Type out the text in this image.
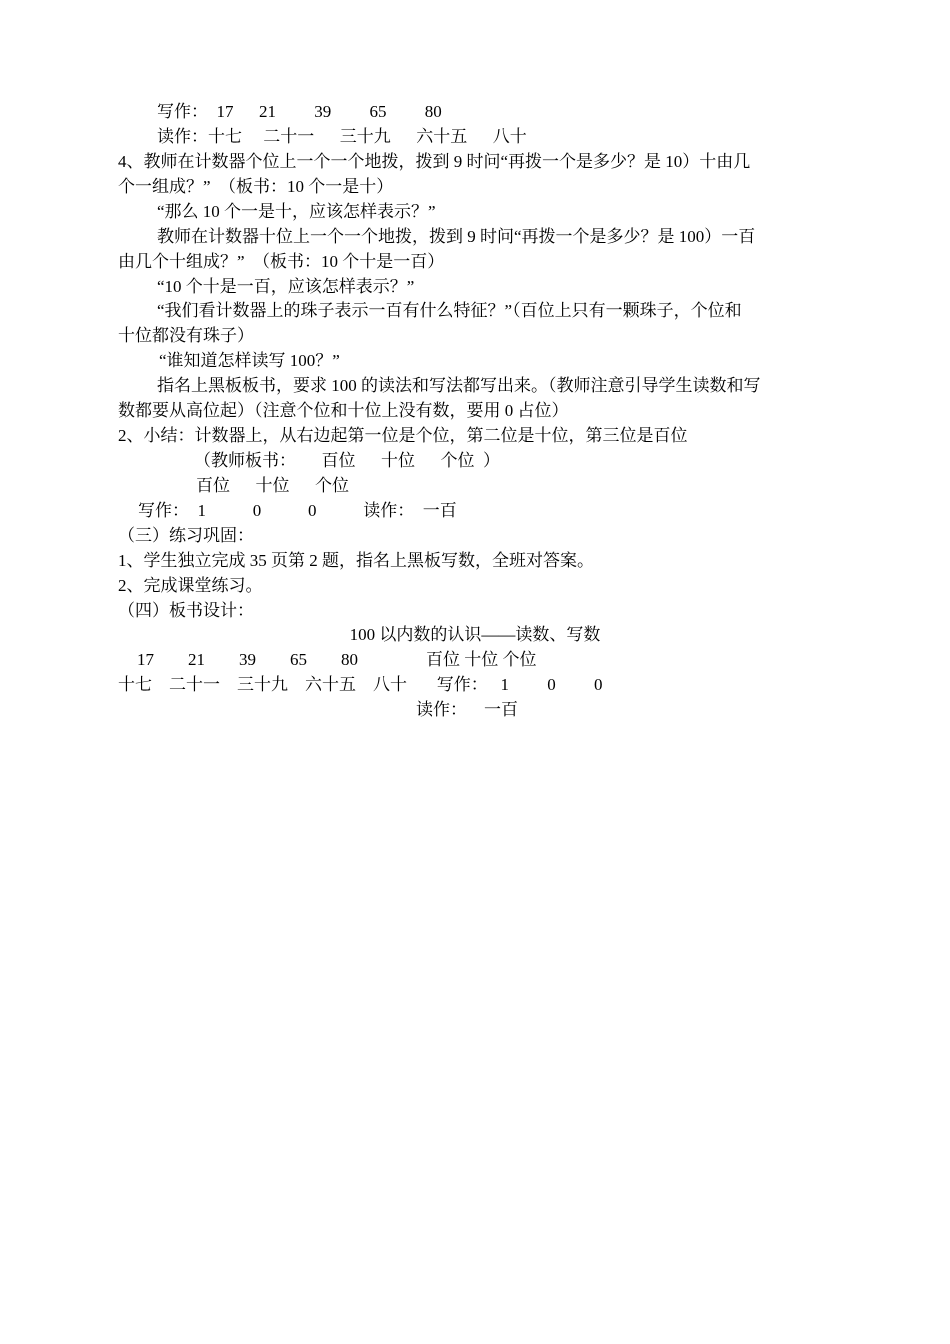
写作：  17      21         39         65         80
读作：十七     二十一      三十九      六十五      八十
4、教师在计数器个位上一个一个地拨，拨到 9 时问“再拨一个是多少？是 10）十由几
个一组成？”  （板书：10 个一是十）
“那么 10 个一是十，应该怎样表示？”
教师在计数器十位上一个一个地拨，拨到 9 时问“再拨一个是多少？是 100）一百
由几个十组成？”  （板书：10 个十是一百）
“10 个十是一百，应该怎样表示？”
“我们看计数器上的珠子表示一百有什么特征？”（百位上只有一颗珠子，个位和
十位都没有珠子）
“谁知道怎样读写 100？”
指名上黑板板书，要求 100 的读法和写法都写出来。（教师注意引导学生读数和写
数都要从高位起）（注意个位和十位上没有数，要用 0 占位）
2、小结：计数器上，从右边起第一位是个位，第二位是十位，第三位是百位
（教师板书：      百位      十位      个位  ）
百位      十位      个位
写作：  1           0           0           读作：  一百
（三）练习巩固：
1、学生独立完成 35 页第 2 题，指名上黑板写数，全班对答案。
2、完成课堂练习。
（四）板书设计：
100 以内数的认识——读数、写数
17        21        39        65        80                百位 十位 个位
十七    二十一    三十九    六十五    八十       写作：   1         0         0
读作：    一百
